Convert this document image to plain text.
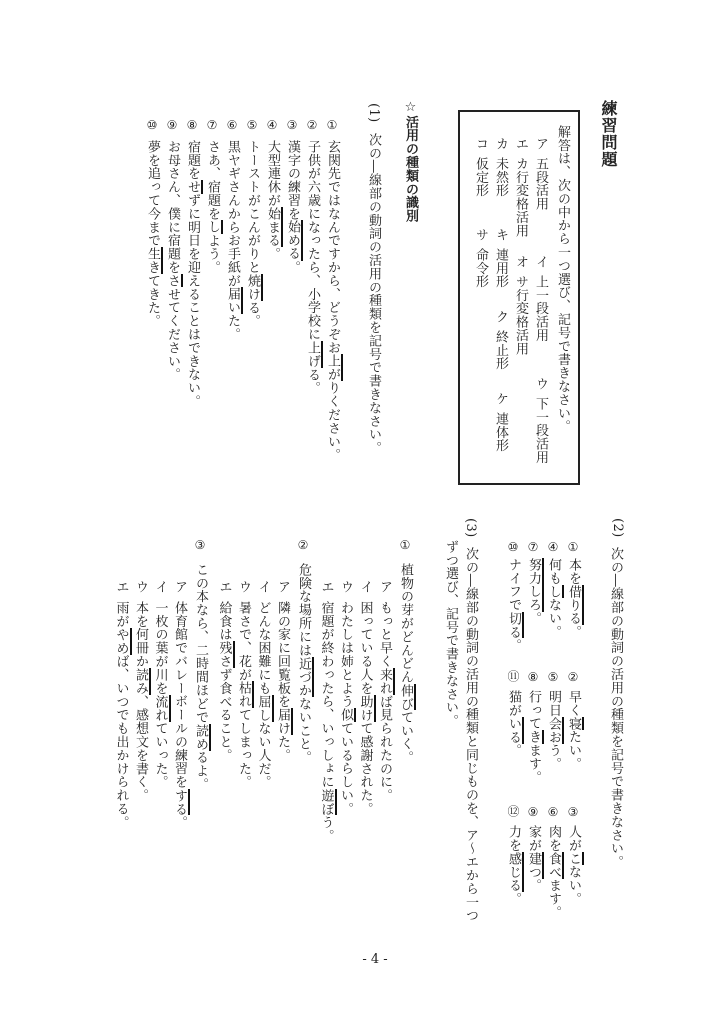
練習問題
解答は、次の中から一つ選び、記号で書きなさい。
☆活用の種類の識別
(1)
次の―線部の動詞の活用の種類を記号で書きなさい。
(2)
次の―線部の動詞の活用の種類を記号で書きなさい。
(3)
次の―線部の動詞の活用の種類と同じものを、ア～エから一つ
ずつ選び、記号で書きなさい。
- 4 -
ア
五段活用
イ
上一段活用
ウ
下一段活用
エ
カ行変格活用
オ
サ行変格活用
カ
未然形
キ
連用形
ク
終止形
ケ
連体形
コ
仮定形
サ
命令形
①
玄関先ではなんですから、どうぞお上がりください。
②
子供が六歳になったら、小学校に上げる。
③
漢字の練習を始める。
④
大型連休が始まる。
⑤
トーストがこんがりと焼ける。
⑥
黒ヤギさんからお手紙が届いた。
⑦
さあ、宿題をしよう。
⑧
宿題をせずに明日を迎えることはできない。
⑨
お母さん、僕に宿題をさせてください。
⑩
夢を追って今まで生きてきた。
①
本を借りる。
②
早く寝たい。
③
人がこない。
④
何もしない。
⑤
明日会おう。
⑥
肉を食べます。
⑦
努力しろ。
⑧
行ってきます。
⑨
家が建つ。
⑩
ナイフで切る。
⑪
猫がいる。
⑫
力を感じる。
①
植物の芽がどんどん伸びていく。
ア
もっと早く来れば見られたのに。
イ
困っている人を助けて感謝された。
ウ
わたしは姉とよう似ているらしい。
エ
宿題が終わったら、いっしょに遊ぼう。
②
危険な場所には近づかないこと。
ア
隣の家に回覧板を届けた。
イ
どんな困難にも屈しない人だ。
ウ
暑さで、花が枯れてしまった。
エ
給食は残さず食べること。
③
この本なら、二時間ほどで読めるよ。
ア
体育館でバレーボールの練習をする。
イ
一枚の葉が川を流れていった。
ウ
本を何冊か読み、感想文を書く。
エ
雨がやめば、いつでも出かけられる。
